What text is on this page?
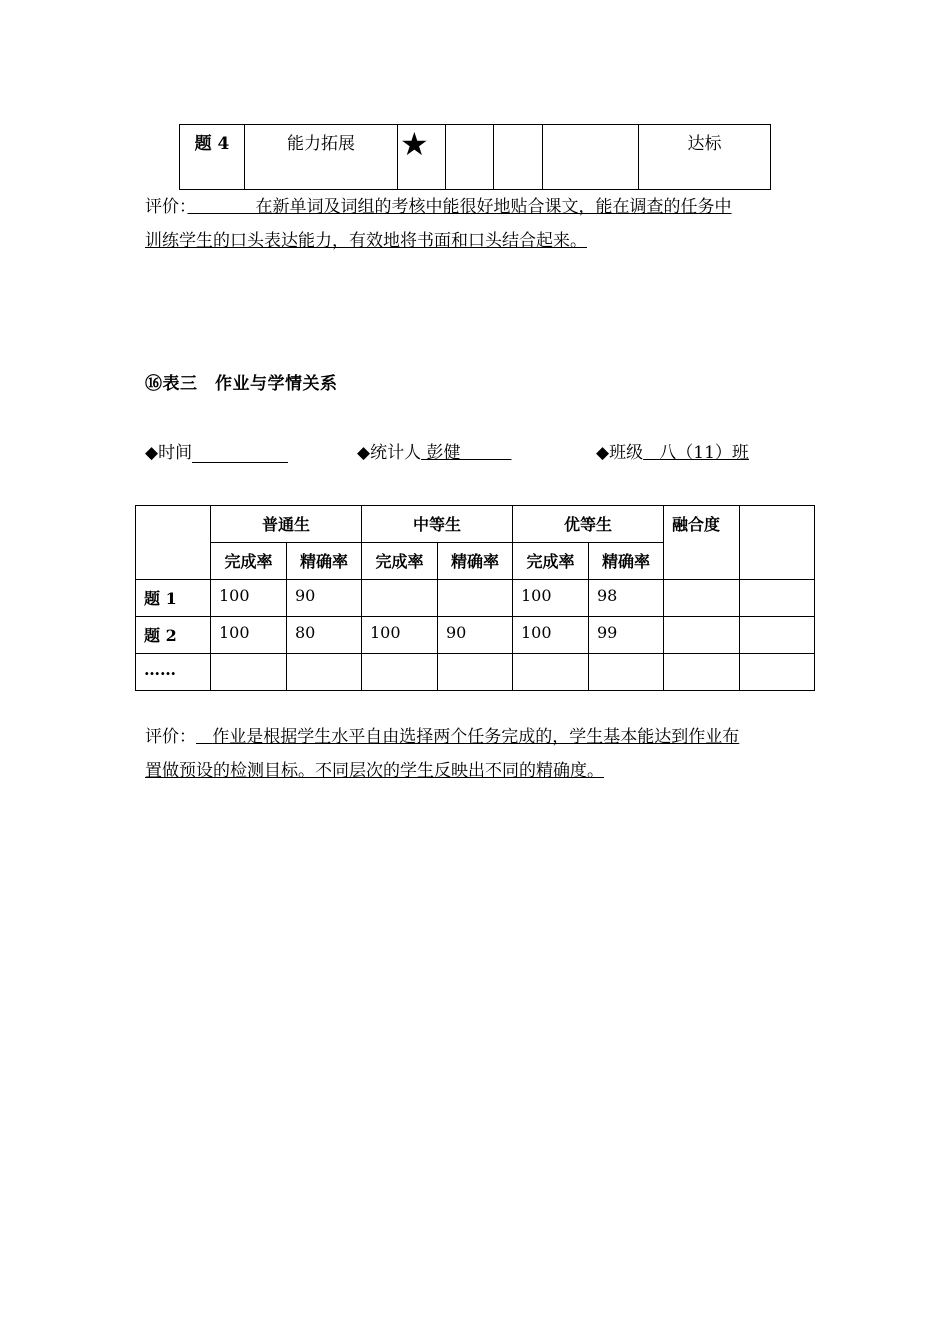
题 4	能力拓展	★				达标
评价：　　　　	在新单词及词组的考核中能很好地贴合课文，能在调查的任务中
训练学生的口头表达能力，有效地将书面和口头结合起来。
⑯表三　作业与学情关系
◆时间	◆统计人 彭健　　　	◆班级 八（11）班

	普通生		中等生		优等生		融合度	

	完成率	精确率	完成率	精确率	完成率	精确率		

题 1	100	90			100	98		

题 2	100	80	100	90	100	99		

……								

评价： 作业是根据学生水平自由选择两个任务完成的，学生基本能达到作业布
置做预设的检测目标。不同层次的学生反映出不同的精确度。
